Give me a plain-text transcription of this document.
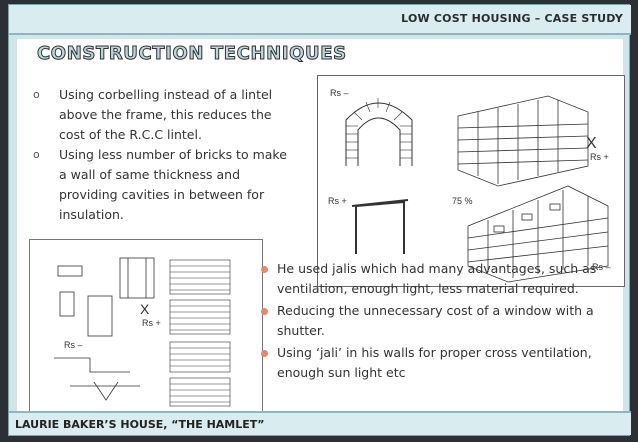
LOW COST HOUSING – CASE STUDY
CONSTRUCTION TECHNIQUES

o Using corbelling instead of a lintel above the frame, this reduces the cost of the R.C.C lintel.

o Using less number of bricks to make a wall of same thickness and providing cavities in between for insulation.

Rs –
Rs +	75 %
X
Rs +
Rs –
X
Rs +
Rs –
He used jalis which had many advantages, such as ventilation, enough light, less material required.
Reducing the unnecessary cost of a window with a shutter.
Using ‘jali’ in his walls for proper cross ventilation, enough sun light etc
LAURIE BAKER’S HOUSE, “THE HAMLET”
